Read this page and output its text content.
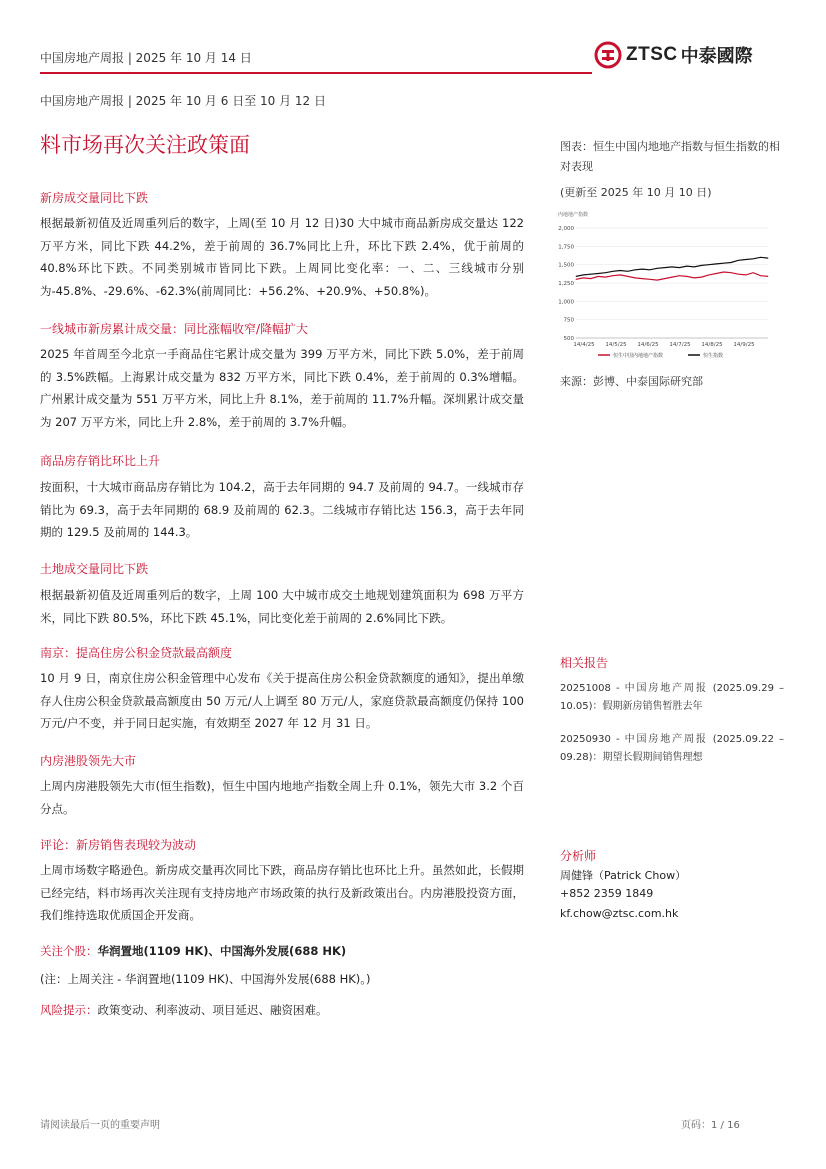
中国房地产周报 | 2025 年 10 月 14 日	ZTSC 中泰國際
中国房地产周报 | 2025 年 10 月 6 日至 10 月 12 日
料市场再次关注政策面
新房成交量同比下跌
根据最新初值及近周重列后的数字，上周(至 10 月 12 日)30 大中城市商品新房成交量达 122 万平方米，同比下跌 44.2%，差于前周的 36.7%同比上升，环比下跌 2.4%，优于前周的 40.8%环比下跌。不同类别城市皆同比下跌。上周同比变化率：一、二、三线城市分别为-45.8%、-29.6%、-62.3%(前周同比：+56.2%、+20.9%、+50.8%)。
一线城市新房累计成交量：同比涨幅收窄/降幅扩大
2025 年首周至今北京一手商品住宅累计成交量为 399 万平方米，同比下跌 5.0%，差于前周的 3.5%跌幅。上海累计成交量为 832 万平方米，同比下跌 0.4%，差于前周的 0.3%增幅。广州累计成交量为 551 万平方米，同比上升 8.1%，差于前周的 11.7%升幅。深圳累计成交量为 207 万平方米，同比上升 2.8%，差于前周的 3.7%升幅。
商品房存销比环比上升
按面积，十大城市商品房存销比为 104.2，高于去年同期的 94.7 及前周的 94.7。一线城市存销比为 69.3，高于去年同期的 68.9 及前周的 62.3。二线城市存销比达 156.3，高于去年同期的 129.5 及前周的 144.3。
土地成交量同比下跌
根据最新初值及近周重列后的数字，上周 100 大中城市成交土地规划建筑面积为 698 万平方米，同比下跌 80.5%，环比下跌 45.1%，同比变化差于前周的 2.6%同比下跌。
南京：提高住房公积金贷款最高额度
10 月 9 日，南京住房公积金管理中心发布《关于提高住房公积金贷款额度的通知》，提出单缴存人住房公积金贷款最高额度由 50 万元/人上调至 80 万元/人，家庭贷款最高额度仍保持 100 万元/户不变，并于同日起实施，有效期至 2027 年 12 月 31 日。
内房港股领先大市
上周内房港股领先大市(恒生指数)，恒生中国内地地产指数全周上升 0.1%，领先大市 3.2 个百分点。
评论：新房销售表现较为波动
上周市场数字略逊色。新房成交量再次同比下跌，商品房存销比也环比上升。虽然如此，长假期已经完结，料市场再次关注现有支持房地产市场政策的执行及新政策出台。内房港股投资方面，我们维持选取优质国企开发商。
关注个股：华润置地(1109 HK)、中国海外发展(688 HK)
(注：上周关注 - 华润置地(1109 HK)、中国海外发展(688 HK)。)
风险提示：政策变动、利率波动、项目延迟、融资困难。
图表：恒生中国内地地产指数与恒生指数的相对表现
(更新至 2025 年 10 月 10 日)
内地地产指数
2,000
1,750
1,500
1,250
1,000
750
500
14/4/25 14/5/25 14/6/25 14/7/25 14/8/25 14/9/25
恒生中国内地地产指数	恒生指数
来源：彭博、中泰国际研究部
相关报告
20251008 - 中国房地产周报 (2025.09.29 – 10.05)：假期新房销售暂胜去年
20250930 - 中国房地产周报 (2025.09.22 – 09.28)：期望长假期间销售理想
分析师
周健锋（Patrick Chow）
+852 2359 1849
kf.chow@ztsc.com.hk
请阅读最后一页的重要声明	页码：1 / 16
